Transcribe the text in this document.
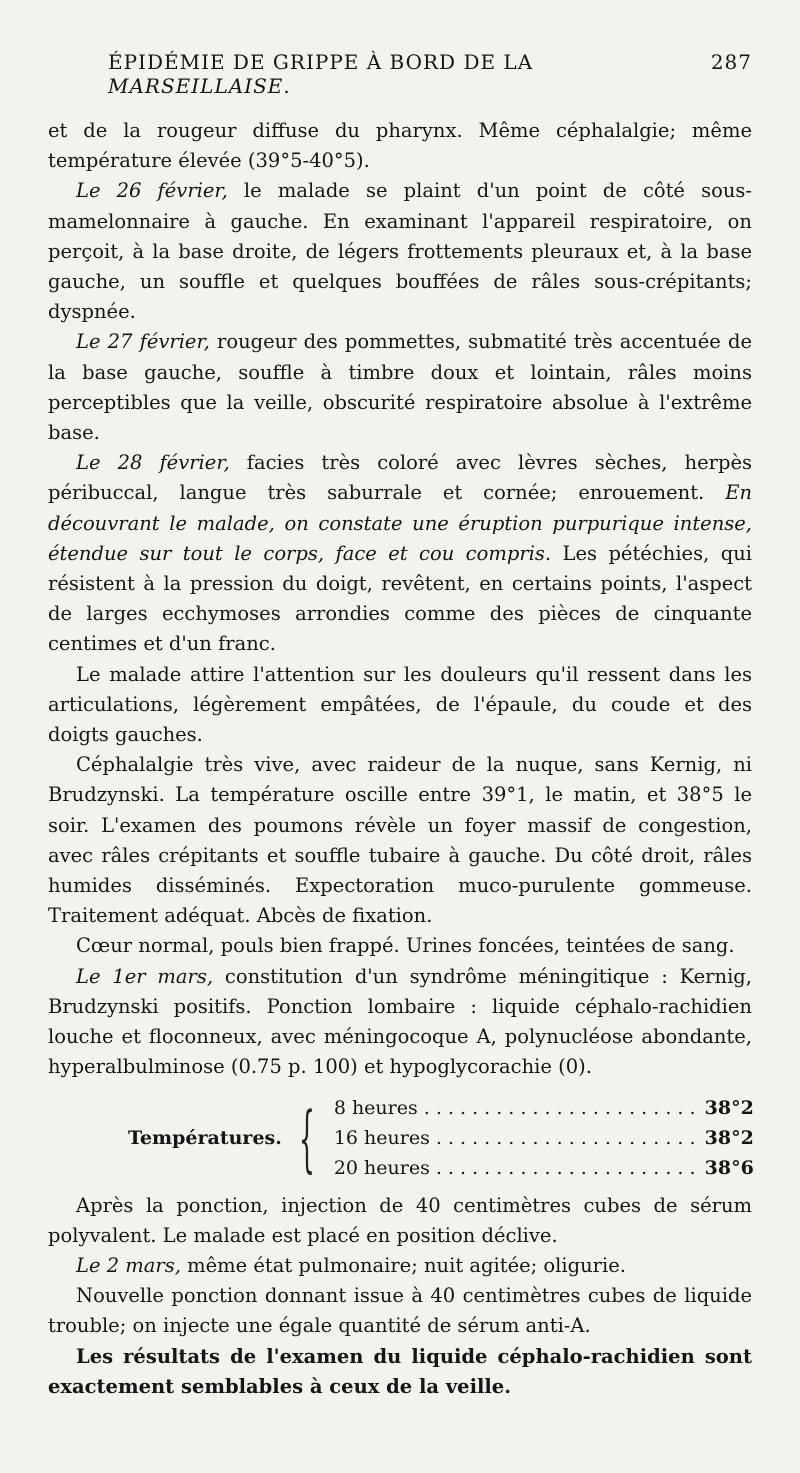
ÉPIDÉMIE DE GRIPPE À BORD DE LA MARSEILLAISE.
287

et de la rougeur diffuse du pharynx. Même céphalalgie; même température élevée (39°5-40°5).

Le 26 février, le malade se plaint d'un point de côté sous-mamelonnaire à gauche. En examinant l'appareil respiratoire, on perçoit, à la base droite, de légers frottements pleuraux et, à la base gauche, un souffle et quelques bouffées de râles sous-crépitants; dyspnée.

Le 27 février, rougeur des pommettes, submatité très accentuée de la base gauche, souffle à timbre doux et lointain, râles moins perceptibles que la veille, obscurité respiratoire absolue à l'extrême base.

Le 28 février, facies très coloré avec lèvres sèches, herpès péribuccal, langue très saburrale et cornée; enrouement. En découvrant le malade, on constate une éruption purpurique intense, étendue sur tout le corps, face et cou compris. Les pétéchies, qui résistent à la pression du doigt, revêtent, en certains points, l'aspect de larges ecchymoses arrondies comme des pièces de cinquante centimes et d'un franc.

Le malade attire l'attention sur les douleurs qu'il ressent dans les articulations, légèrement empâtées, de l'épaule, du coude et des doigts gauches.

Céphalalgie très vive, avec raideur de la nuque, sans Kernig, ni Brudzynski. La température oscille entre 39°1, le matin, et 38°5 le soir. L'examen des poumons révèle un foyer massif de congestion, avec râles crépitants et souffle tubaire à gauche. Du côté droit, râles humides disséminés. Expectoration muco-purulente gommeuse. Traitement adéquat. Abcès de fixation.

Cœur normal, pouls bien frappé. Urines foncées, teintées de sang.

Le 1er mars, constitution d'un syndrôme méningitique : Kernig, Brudzynski positifs. Ponction lombaire : liquide céphalo-rachidien louche et floconneux, avec méningocoque A, polynucléose abondante, hyperalbulminose (0.75 p. 100) et hypoglycorachie (0).

Températures. { 8 heures . . .	38°2
16 heures . . .	38°2
20 heures . . .	38°6

Après la ponction, injection de 40 centimètres cubes de sérum polyvalent. Le malade est placé en position déclive.

Le 2 mars, même état pulmonaire; nuit agitée; oligurie.

Nouvelle ponction donnant issue à 40 centimètres cubes de liquide trouble; on injecte une égale quantité de sérum anti-A.

Les résultats de l'examen du liquide céphalo-rachidien sont exactement semblables à ceux de la veille.
